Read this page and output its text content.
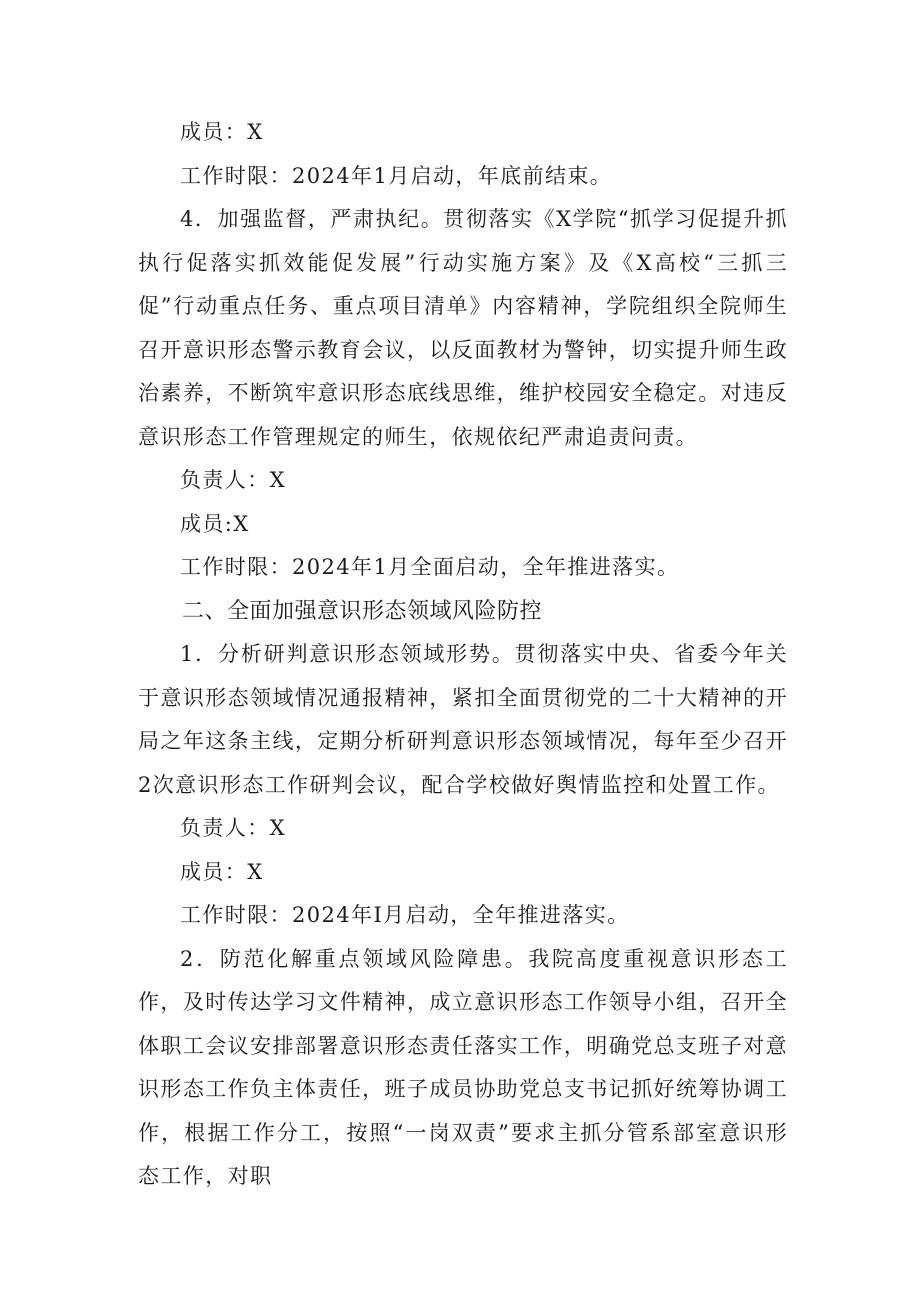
成员：X

工作时限：2024年1月启动，年底前结束。

4．加强监督，严肃执纪。贯彻落实《X学院“抓学习促提升抓执行促落实抓效能促发展”行动实施方案》及《X高校“三抓三促”行动重点任务、重点项目清单》内容精神，学院组织全院师生召开意识形态警示教育会议，以反面教材为警钟，切实提升师生政治素养，不断筑牢意识形态底线思维，维护校园安全稳定。对违反意识形态工作管理规定的师生，依规依纪严肃追责问责。

负责人：X

成员:X

工作时限：2024年1月全面启动，全年推进落实。

二、全面加强意识形态领域风险防控

1．分析研判意识形态领域形势。贯彻落实中央、省委今年关于意识形态领域情况通报精神，紧扣全面贯彻党的二十大精神的开局之年这条主线，定期分析研判意识形态领域情况，每年至少召开2次意识形态工作研判会议，配合学校做好舆情监控和处置工作。

负责人：X

成员：X

工作时限：2024年I月启动，全年推进落实。

2．防范化解重点领域风险障患。我院高度重视意识形态工作，及时传达学习文件精神，成立意识形态工作领导小组，召开全体职工会议安排部署意识形态责任落实工作，明确党总支班子对意识形态工作负主体责任，班子成员协助党总支书记抓好统筹协调工作，根据工作分工，按照“一岗双责”要求主抓分管系部室意识形态工作，对职
